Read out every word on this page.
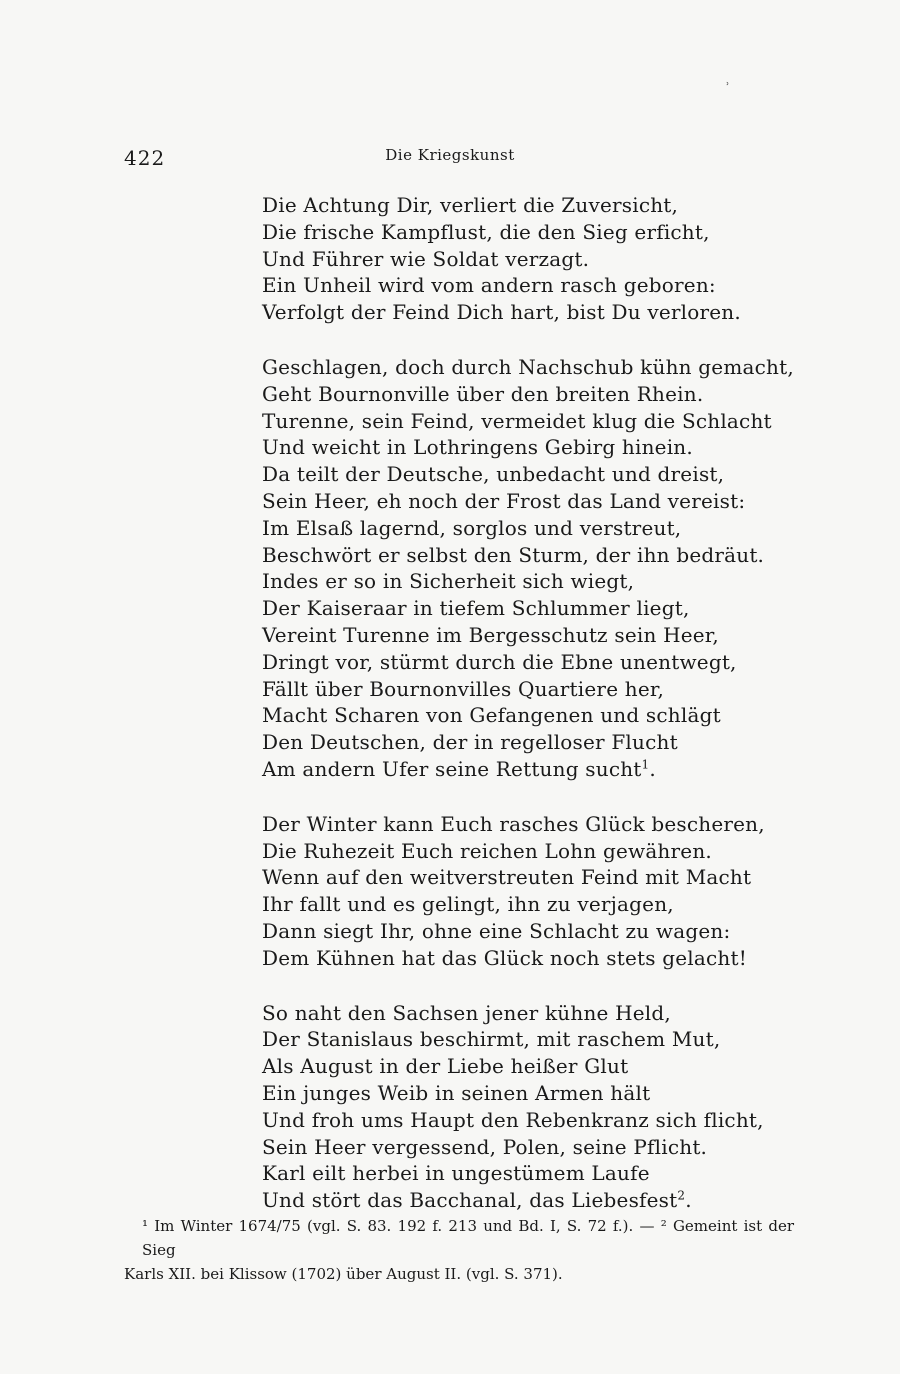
422	Die Kriegskunst
ʾ
Die Achtung Dir, verliert die Zuversicht,
Die frische Kampflust, die den Sieg erficht,
Und Führer wie Soldat verzagt.
Ein Unheil wird vom andern rasch geboren:
Verfolgt der Feind Dich hart, bist Du verloren.
Geschlagen, doch durch Nachschub kühn gemacht,
Geht Bournonville über den breiten Rhein.
Turenne, sein Feind, vermeidet klug die Schlacht
Und weicht in Lothringens Gebirg hinein.
Da teilt der Deutsche, unbedacht und dreist,
Sein Heer, eh noch der Frost das Land vereist:
Im Elsaß lagernd, sorglos und verstreut,
Beschwört er selbst den Sturm, der ihn bedräut.
Indes er so in Sicherheit sich wiegt,
Der Kaiseraar in tiefem Schlummer liegt,
Vereint Turenne im Bergesschutz sein Heer,
Dringt vor, stürmt durch die Ebne unentwegt,
Fällt über Bournonvilles Quartiere her,
Macht Scharen von Gefangenen und schlägt
Den Deutschen, der in regelloser Flucht
Am andern Ufer seine Rettung sucht$^1$.
Der Winter kann Euch rasches Glück bescheren,
Die Ruhezeit Euch reichen Lohn gewähren.
Wenn auf den weitverstreuten Feind mit Macht
Ihr fallt und es gelingt, ihn zu verjagen,
Dann siegt Ihr, ohne eine Schlacht zu wagen:
Dem Kühnen hat das Glück noch stets gelacht!
So naht den Sachsen jener kühne Held,
Der Stanislaus beschirmt, mit raschem Mut,
Als August in der Liebe heißer Glut
Ein junges Weib in seinen Armen hält
Und froh ums Haupt den Rebenkranz sich flicht,
Sein Heer vergessend, Polen, seine Pflicht.
Karl eilt herbei in ungestümem Laufe
Und stört das Bacchanal, das Liebesfest$^2$.
¹ Im Winter 1674/75 (vgl. S. 83. 192 f. 213 und Bd. I, S. 72 f.). — ² Gemeint ist der Sieg
Karls XII. bei Klissow (1702) über August II. (vgl. S. 371).
